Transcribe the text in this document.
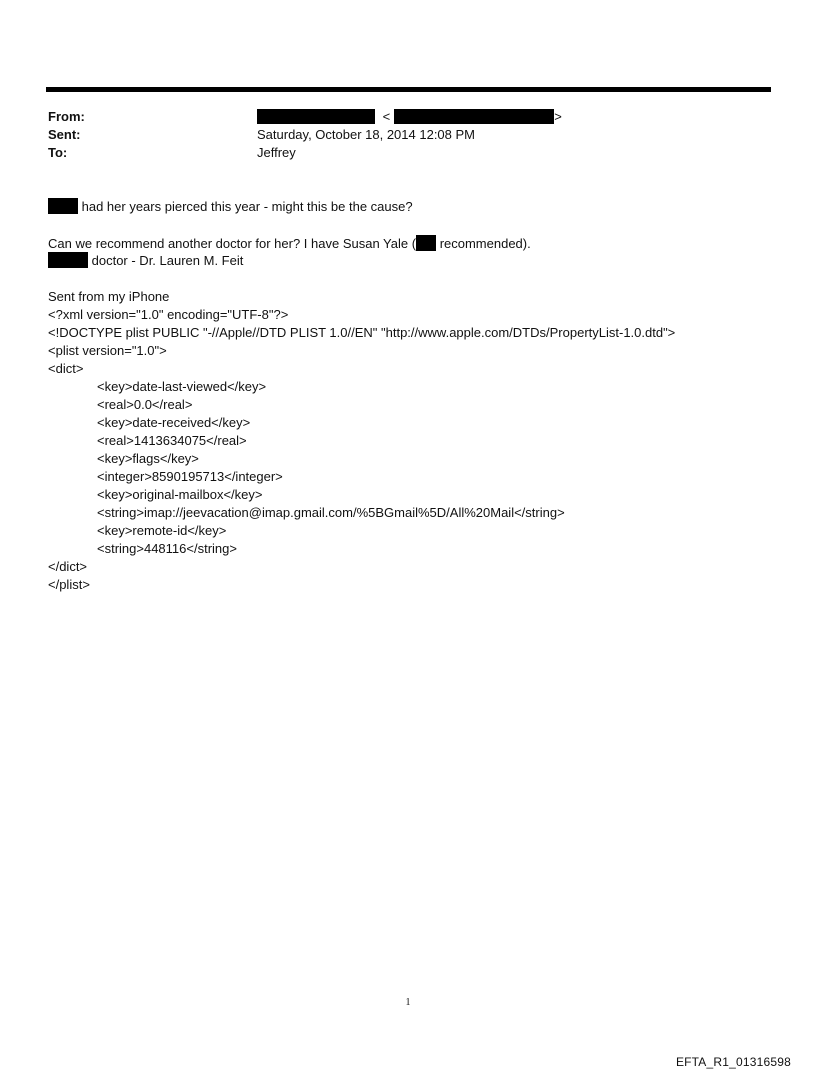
From:	<	>
Sent:	Saturday, October 18, 2014 12:08 PM
To:	Jeffrey
had her years pierced this year - might this be the cause?
Can we recommend another doctor for her? I have Susan Yale ( recommended).
doctor - Dr. Lauren M. Feit
Sent from my iPhone
<?xml version="1.0" encoding="UTF-8"?>
<!DOCTYPE plist PUBLIC "-//Apple//DTD PLIST 1.0//EN" "http://www.apple.com/DTDs/PropertyList-1.0.dtd">
<plist version="1.0">
<dict>
<key>date-last-viewed</key>
<real>0.0</real>
<key>date-received</key>
<real>1413634075</real>
<key>flags</key>
<integer>8590195713</integer>
<key>original-mailbox</key>
<string>imap://jeevacation@imap.gmail.com/%5BGmail%5D/All%20Mail</string>
<key>remote-id</key>
<string>448116</string>
</dict>
</plist>
1
EFTA_R1_01316598
